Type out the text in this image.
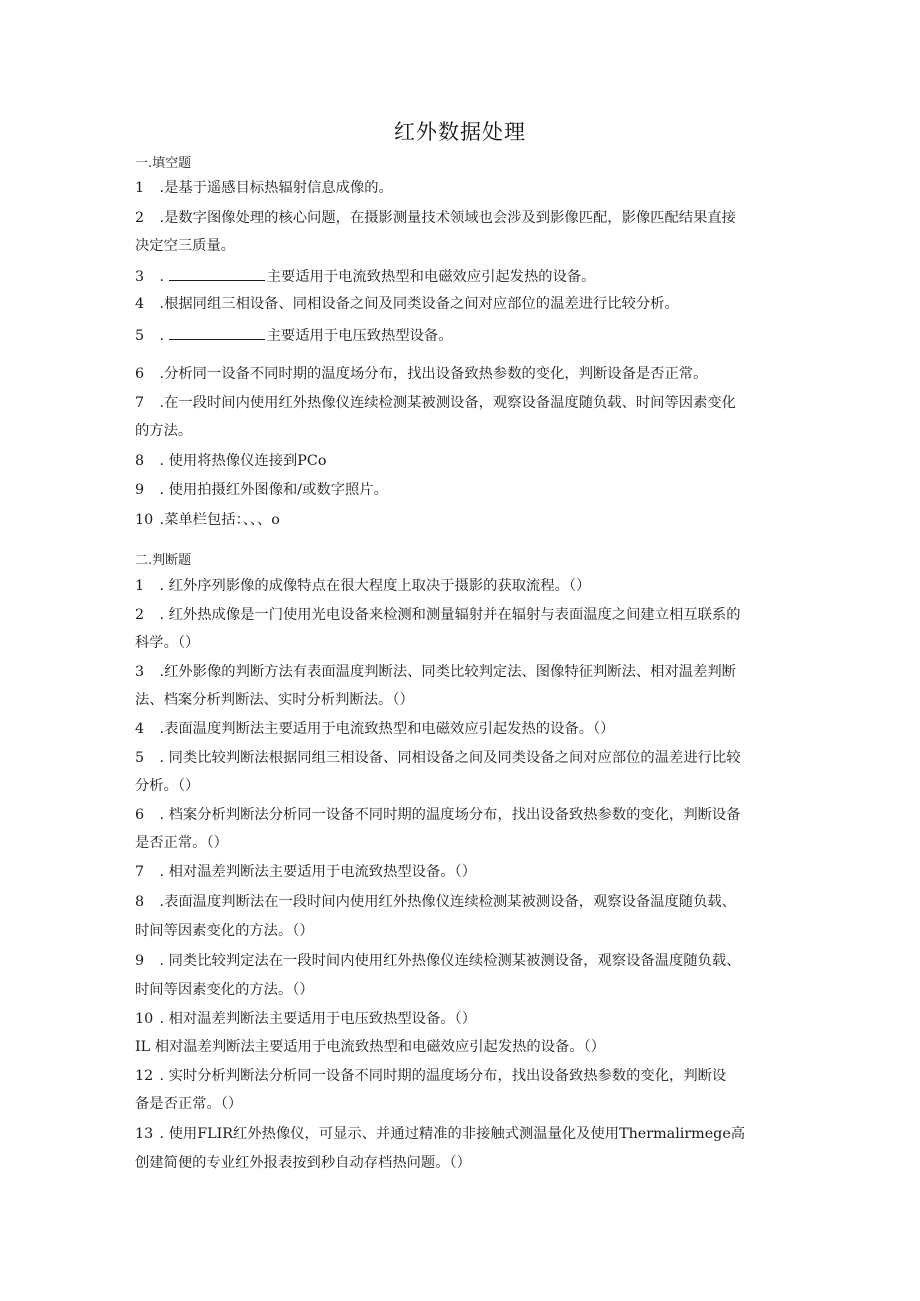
红外数据处理
一.填空题
1 .是基于遥感目标热辐射信息成像的。
2 .是数字图像处理的核心问题，在摄影测量技术领域也会涉及到影像匹配，影像匹配结果直接
决定空三质量。
3 .	主要适用于电流致热型和电磁效应引起发热的设备。
4 .根据同组三相设备、同相设备之间及同类设备之间对应部位的温差进行比较分析。
5 .	主要适用于电压致热型设备。
6 .分析同一设备不同时期的温度场分布，找出设备致热参数的变化，判断设备是否正常。
7 .在一段时间内使用红外热像仪连续检测某被测设备，观察设备温度随负载、时间等因素变化
的方法。
8 . 使用将热像仪连接到PCo
9 . 使用拍摄红外图像和/或数字照片。
10 .菜单栏包括：、、、o
二.判断题
1 . 红外序列影像的成像特点在很大程度上取决于摄影的获取流程。（）
2 . 红外热成像是一门使用光电设备来检测和测量辐射并在辐射与表面温度之间建立相互联系的
科学。（）
3 .红外影像的判断方法有表面温度判断法、同类比较判定法、图像特征判断法、相对温差判断
法、档案分析判断法、实时分析判断法。（）
4 .表面温度判断法主要适用于电流致热型和电磁效应引起发热的设备。（）
5 . 同类比较判断法根据同组三相设备、同相设备之间及同类设备之间对应部位的温差进行比较
分析。（）
6 . 档案分析判断法分析同一设备不同时期的温度场分布，找出设备致热参数的变化，判断设备
是否正常。（）
7 . 相对温差判断法主要适用于电流致热型设备。（）
8 .表面温度判断法在一段时间内使用红外热像仪连续检测某被测设备，观察设备温度随负载、
时间等因素变化的方法。（）
9 . 同类比较判定法在一段时间内使用红外热像仪连续检测某被测设备，观察设备温度随负载、
时间等因素变化的方法。（）
10 . 相对温差判断法主要适用于电压致热型设备。（）
IL 相对温差判断法主要适用于电流致热型和电磁效应引起发热的设备。（）
12 . 实时分析判断法分析同一设备不同时期的温度场分布，找出设备致热参数的变化，判断设
备是否正常。（）
13 . 使用FLIR红外热像仪，可显示、并通过精准的非接触式测温量化及使用Thermalirmege高
创建简便的专业红外报表按到秒自动存档热问题。（）
